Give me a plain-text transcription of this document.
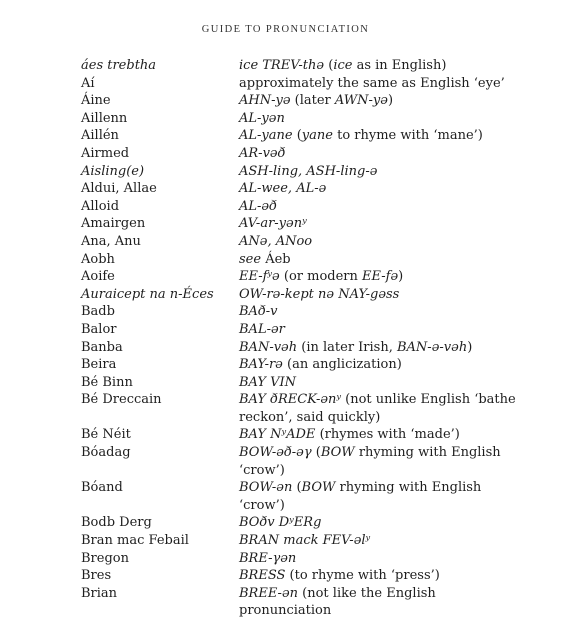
GUIDE TO PRONUNCIATION
áes trebtha	ice TREV-thə (ice as in English)
Aí	approximately the same as English ‘eye’
Áine	AHN-yə (later AWN-yə)
Aillenn	AL-yən
Aillén	AL-yane (yane to rhyme with ‘mane’)
Airmed	AR-vəð
Aisling(e)	ASH-ling, ASH-ling-ə
Aldui, Allae	AL-wee, AL-ə
Alloid	AL-əð
Amairgen	AV-ar-yənʸ
Ana, Anu	ANə, ANoo
Aobh	see Áeb
Aoife	EE-fʸə (or modern EE-fə)
Auraicept na n-Éces	OW-rə-kept nə NAY-gəss
Badb	BAð-v
Balor	BAL-ər
Banba	BAN-vəh (in later Irish, BAN-ə-vəh)
Beira	BAY-rə (an anglicization)
Bé Binn	BAY VIN
Bé Dreccain	BAY ðRECK-ənʸ (not unlike English ‘bathe reckon’, said quickly)
Bé Néit	BAY NʸADE (rhymes with ‘made’)
Bóadag	BOW-əð-əγ (BOW rhyming with English ‘crow’)
Bóand	BOW-ən (BOW rhyming with English ‘crow’)
Bodb Derg	BOðv DʸERg
Bran mac Febail	BRAN mack FEV-əlʸ
Bregon	BRE-γən
Bres	BRESS (to rhyme with ‘press’)
Brian	BREE-ən (not like the English pronunciation
